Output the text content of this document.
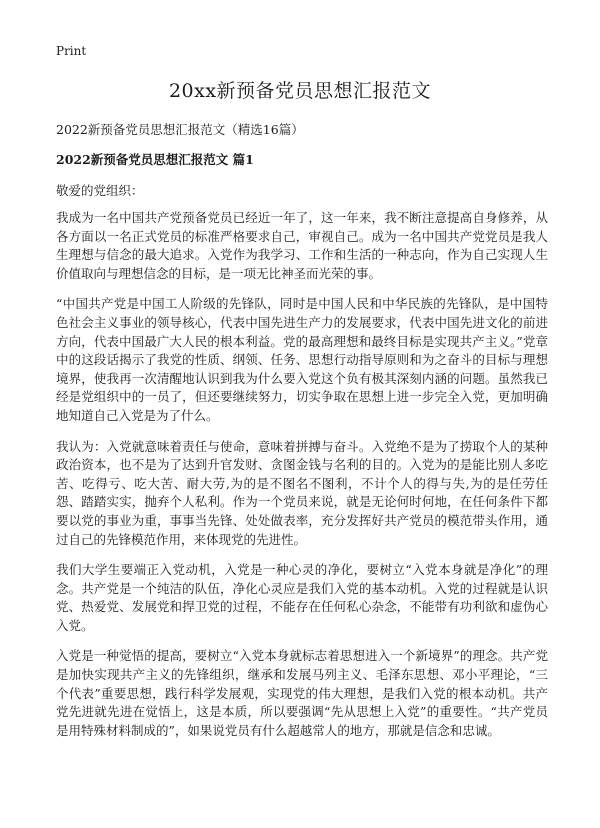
Print

20xx新预备党员思想汇报范文

2022新预备党员思想汇报范文（精选16篇）

2022新预备党员思想汇报范文 篇1

敬爱的党组织：

我成为一名中国共产党预备党员已经近一年了，这一年来，我不断注意提高自身修养，从各方面以一名正式党员的标准严格要求自己，审视自己。成为一名中国共产党党员是我人生理想与信念的最大追求。入党作为我学习、工作和生活的一种志向，作为自己实现人生价值取向与理想信念的目标，是一项无比神圣而光荣的事。

“中国共产党是中国工人阶级的先锋队，同时是中国人民和中华民族的先锋队，是中国特色社会主义事业的领导核心，代表中国先进生产力的发展要求，代表中国先进文化的前进方向，代表中国最广大人民的根本利益。党的最高理想和最终目标是实现共产主义。”党章中的这段话揭示了我党的性质、纲领、任务、思想行动指导原则和为之奋斗的目标与理想境界，使我再一次清醒地认识到我为什么要入党这个负有极其深刻内涵的问题。虽然我已经是党组织中的一员了，但还要继续努力，切实争取在思想上进一步完全入党，更加明确地知道自己入党是为了什么。

我认为：入党就意味着责任与使命，意味着拼搏与奋斗。入党绝不是为了捞取个人的某种政治资本，也不是为了达到升官发财、贪图金钱与名利的目的。入党为的是能比别人多吃苦、吃得亏、吃大苦、耐大劳,为的是不图名不图利，不计个人的得与失,为的是任劳任怨、踏踏实实，抛弃个人私利。作为一个党员来说，就是无论何时何地，在任何条件下都要以党的事业为重，事事当先锋、处处做表率，充分发挥好共产党员的模范带头作用，通过自己的先锋模范作用，来体现党的先进性。

我们大学生要端正入党动机，入党是一种心灵的净化，要树立“入党本身就是净化”的理念。共产党是一个纯洁的队伍，净化心灵应是我们入党的基本动机。入党的过程就是认识党、热爱党、发展党和捍卫党的过程，不能存在任何私心杂念，不能带有功利欲和虚伪心入党。

入党是一种觉悟的提高，要树立“入党本身就标志着思想进入一个新境界”的理念。共产党是加快实现共产主义的先锋组织，继承和发展马列主义、毛泽东思想、邓小平理论，“三个代表”重要思想，践行科学发展观，实现党的伟大理想，是我们入党的根本动机。共产党先进就先进在觉悟上，这是本质，所以要强调“先从思想上入党”的重要性。“共产党员是用特殊材料制成的”，如果说党员有什么超越常人的地方，那就是信念和忠诚。
